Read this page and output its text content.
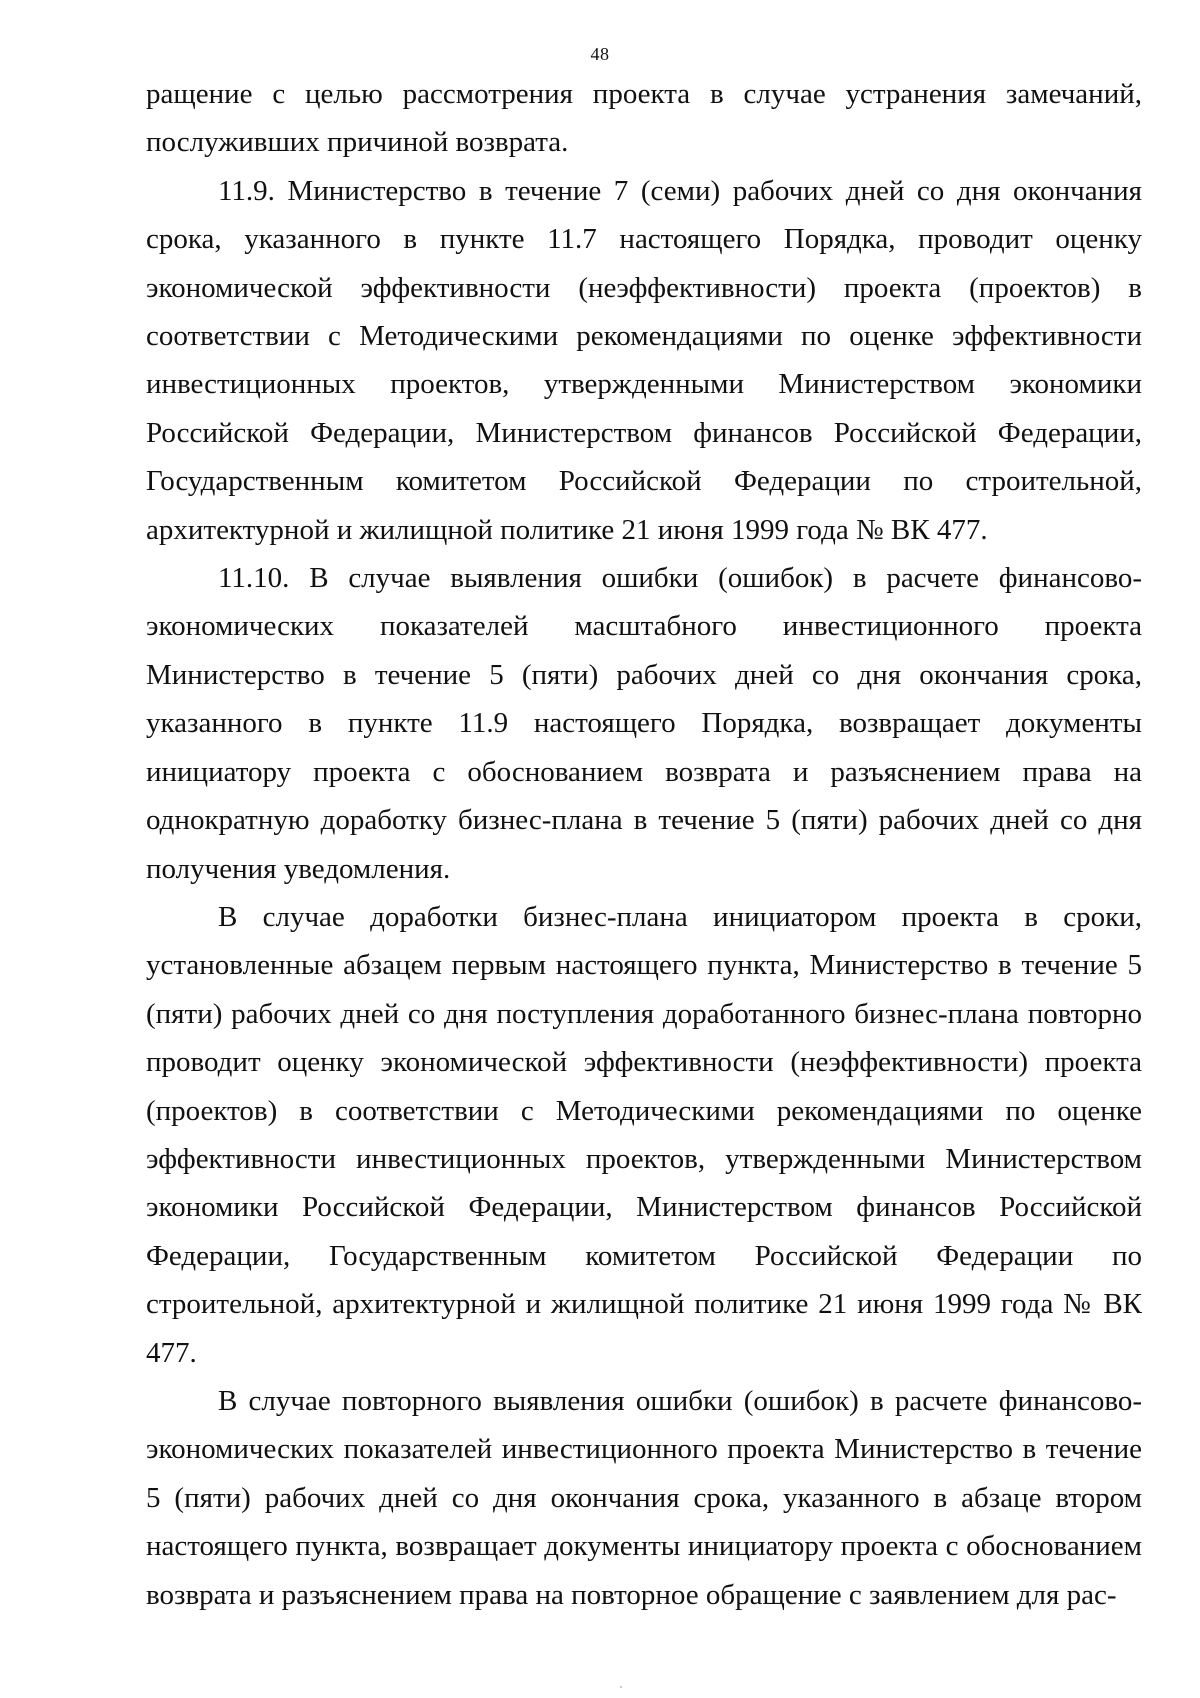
48

ращение с целью рассмотрения проекта в случае устранения замечаний, послуживших причиной возврата.

11.9. Министерство в течение 7 (семи) рабочих дней со дня окончания срока, указанного в пункте 11.7 настоящего Порядка, проводит оценку экономической эффективности (неэффективности) проекта (проектов) в соответствии с Методическими рекомендациями по оценке эффективности инвестиционных проектов, утвержденными Министерством экономики Российской Федерации, Министерством финансов Российской Федерации, Государственным комитетом Российской Федерации по строительной, архитектурной и жилищной политике 21 июня 1999 года № ВК 477.

11.10. В случае выявления ошибки (ошибок) в расчете финансово-экономических показателей масштабного инвестиционного проекта Министерство в течение 5 (пяти) рабочих дней со дня окончания срока, указанного в пункте 11.9 настоящего Порядка, возвращает документы инициатору проекта с обоснованием возврата и разъяснением права на однократную доработку бизнес-плана в течение 5 (пяти) рабочих дней со дня получения уведомления.

В случае доработки бизнес-плана инициатором проекта в сроки, установленные абзацем первым настоящего пункта, Министерство в течение 5 (пяти) рабочих дней со дня поступления доработанного бизнес-плана повторно проводит оценку экономической эффективности (неэффективности) проекта (проектов) в соответствии с Методическими рекомендациями по оценке эффективности инвестиционных проектов, утвержденными Министерством экономики Российской Федерации, Министерством финансов Российской Федерации, Государственным комитетом Российской Федерации по строительной, архитектурной и жилищной политике 21 июня 1999 года № ВК 477.

В случае повторного выявления ошибки (ошибок) в расчете финансово-экономических показателей инвестиционного проекта Министерство в течение 5 (пяти) рабочих дней со дня окончания срока, указанного в абзаце втором настоящего пункта, возвращает документы инициатору проекта с обоснованием возврата и разъяснением права на повторное обращение с заявлением для рас-
